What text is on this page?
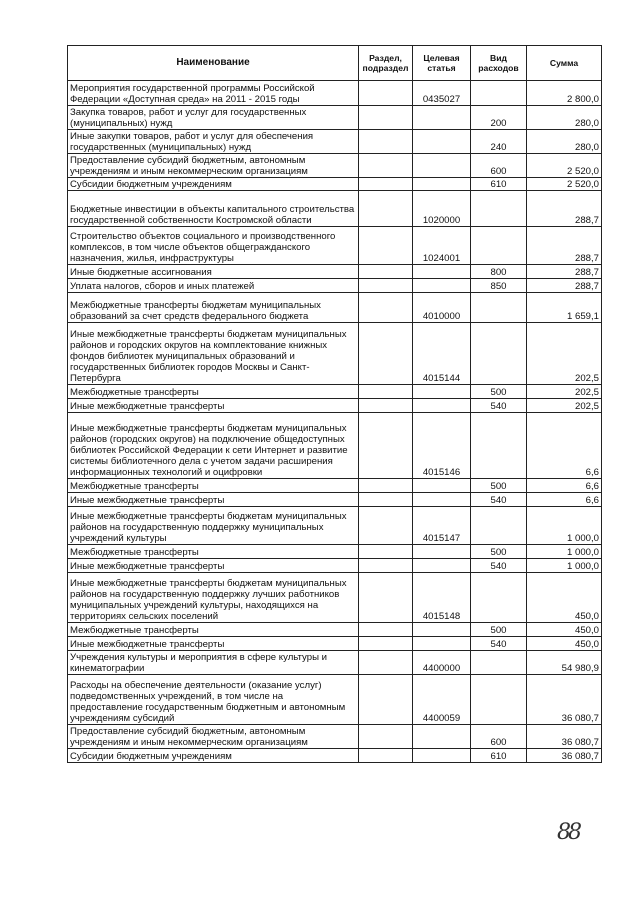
Наименование	Раздел, подраздел	Целевая статья	Вид расходов	Сумма
Мероприятия государственной программы Российской Федерации «Доступная среда» на 2011 - 2015 годы		0435027		2 800,0
Закупка товаров, работ и услуг для государственных (муниципальных) нужд			200	280,0
Иные закупки товаров, работ и услуг для обеспечения государственных (муниципальных) нужд			240	280,0
Предоставление субсидий бюджетным, автономным учреждениям и иным некоммерческим организациям			600	2 520,0
Субсидии бюджетным учреждениям			610	2 520,0
Бюджетные инвестиции в объекты капитального строительства государственной собственности Костромской области		1020000		288,7
Строительство объектов социального и производственного комплексов, в том числе объектов общегражданского назначения, жилья, инфраструктуры		1024001		288,7
Иные бюджетные ассигнования			800	288,7
Уплата налогов, сборов и иных платежей			850	288,7
Межбюджетные трансферты бюджетам муниципальных образований за счет средств федерального бюджета		4010000		1 659,1
Иные межбюджетные трансферты бюджетам муниципальных районов и городских округов на комплектование книжных фондов библиотек муниципальных образований и государственных библиотек городов Москвы и Санкт-Петербурга		4015144		202,5
Межбюджетные трансферты			500	202,5
Иные межбюджетные трансферты			540	202,5
Иные межбюджетные трансферты бюджетам муниципальных районов (городских округов) на подключение общедоступных библиотек Российской Федерации к сети Интернет и развитие системы библиотечного дела с учетом задачи расширения информационных технологий и оцифровки		4015146		6,6
Межбюджетные трансферты			500	6,6
Иные межбюджетные трансферты			540	6,6
Иные межбюджетные трансферты бюджетам муниципальных районов на государственную поддержку муниципальных учреждений культуры		4015147		1 000,0
Межбюджетные трансферты			500	1 000,0
Иные межбюджетные трансферты			540	1 000,0
Иные межбюджетные трансферты бюджетам муниципальных районов на государственную поддержку лучших работников муниципальных учреждений культуры, находящихся на территориях сельских поселений		4015148		450,0
Межбюджетные трансферты			500	450,0
Иные межбюджетные трансферты			540	450,0
Учреждения культуры и мероприятия в сфере культуры и кинематографии		4400000		54 980,9
Расходы на обеспечение деятельности (оказание услуг) подведомственных учреждений, в том числе на предоставление государственным бюджетным и автономным учреждениям субсидий		4400059		36 080,7
Предоставление субсидий бюджетным, автономным учреждениям и иным некоммерческим организациям			600	36 080,7
Субсидии бюджетным учреждениям			610	36 080,7
88
